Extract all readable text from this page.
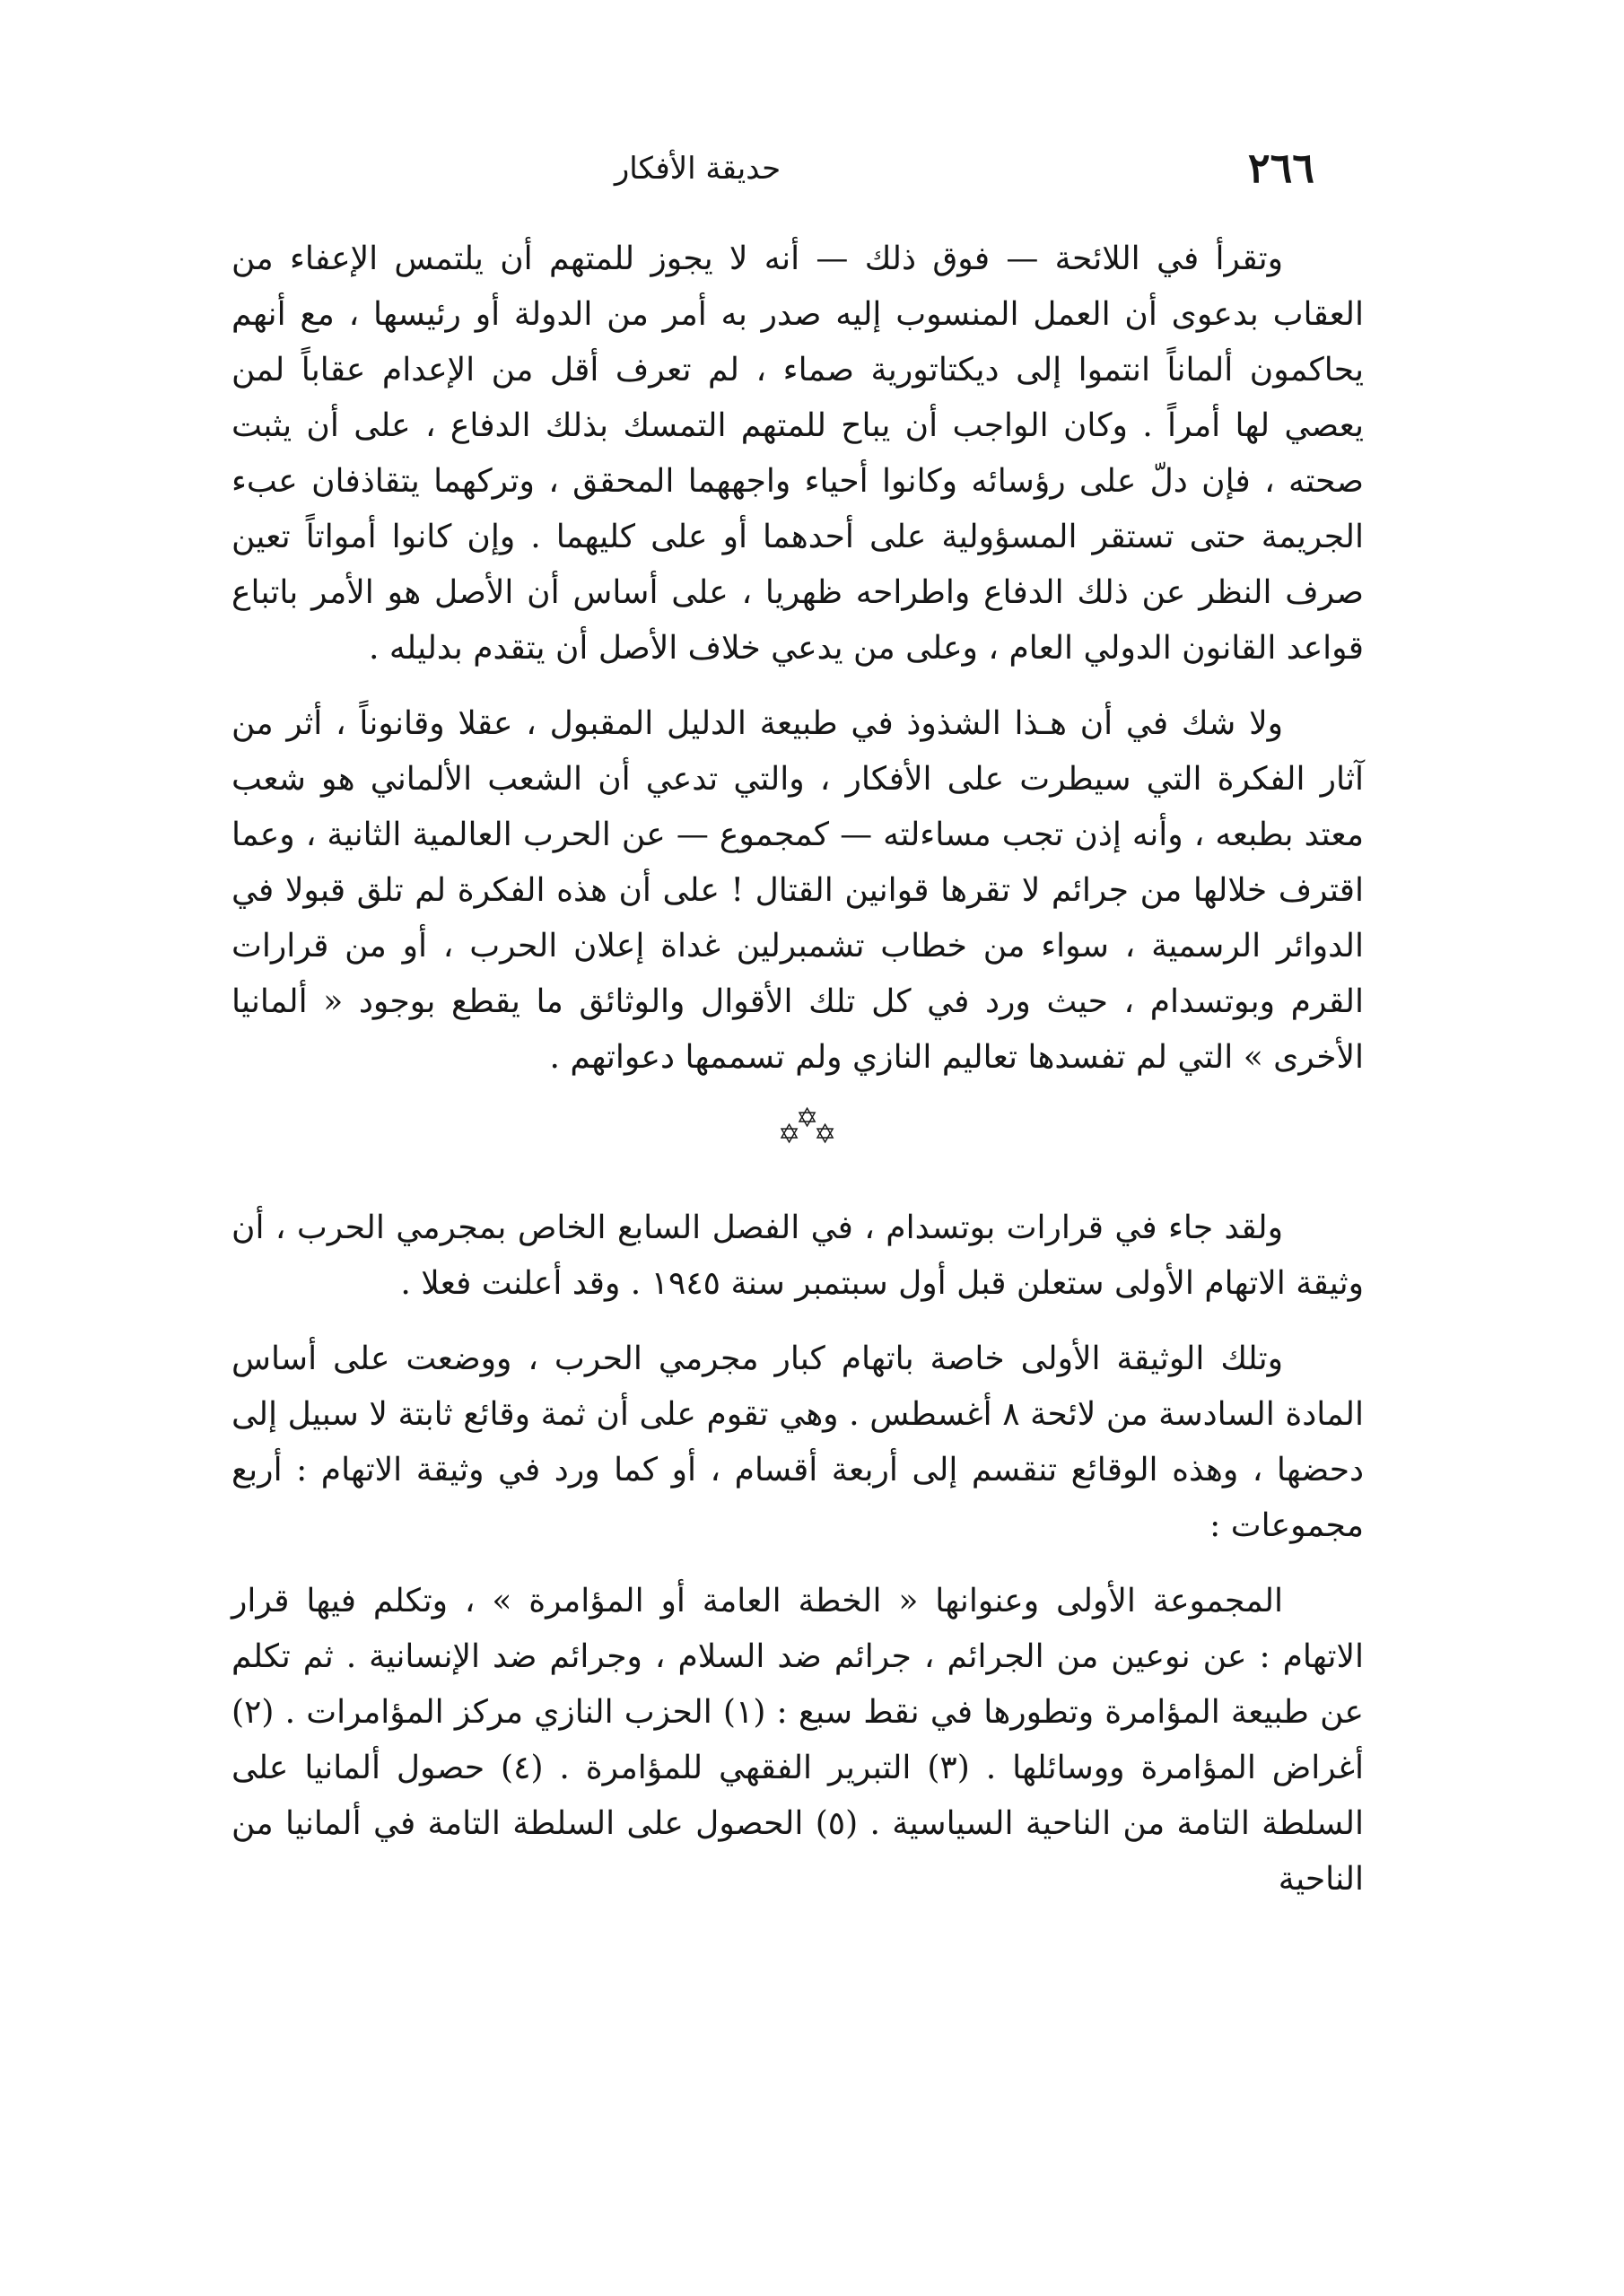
٢٦٦
حديقة الأفكار

وتقرأ في اللائحة — فوق ذلك — أنه لا يجوز للمتهم أن يلتمس الإعفاء من العقاب بدعوى أن العمل المنسوب إليه صدر به أمر من الدولة أو رئيسها ، مع أنهم يحاكمون ألماناً انتموا إلى ديكتاتورية صماء ، لم تعرف أقل من الإعدام عقاباً لمن يعصي لها أمراً . وكان الواجب أن يباح للمتهم التمسك بذلك الدفاع ، على أن يثبت صحته ، فإن دلّ على رؤسائه وكانوا أحياء واجههما المحقق ، وتركهما يتقاذفان عبء الجريمة حتى تستقر المسؤولية على أحدهما أو على كليهما . وإن كانوا أمواتاً تعين صرف النظر عن ذلك الدفاع واطراحه ظهريا ، على أساس أن الأصل هو الأمر باتباع قواعد القانون الدولي العام ، وعلى من يدعي خلاف الأصل أن يتقدم بدليله .

ولا شك في أن هـذا الشذوذ في طبيعة الدليل المقبول ، عقلا وقانوناً ، أثر من آثار الفكرة التي سيطرت على الأفكار ، والتي تدعي أن الشعب الألماني هو شعب معتد بطبعه ، وأنه إذن تجب مساءلته — كمجموع — عن الحرب العالمية الثانية ، وعما اقترف خلالها من جرائم لا تقرها قوانين القتال ! على أن هذه الفكرة لم تلق قبولا في الدوائر الرسمية ، سواء من خطاب تشمبرلين غداة إعلان الحرب ، أو من قرارات القرم وبوتسدام ، حيث ورد في كل تلك الأقوال والوثائق ما يقطع بوجود « ألمانيا الأخرى » التي لم تفسدها تعاليم النازي ولم تسممها دعواتهم .

✡
✡
✡

ولقد جاء في قرارات بوتسدام ، في الفصل السابع الخاص بمجرمي الحرب ، أن وثيقة الاتهام الأولى ستعلن قبل أول سبتمبر سنة ١٩٤٥ . وقد أعلنت فعلا .

وتلك الوثيقة الأولى خاصة باتهام كبار مجرمي الحرب ، ووضعت على أساس المادة السادسة من لائحة ٨ أغسطس . وهي تقوم على أن ثمة وقائع ثابتة لا سبيل إلى دحضها ، وهذه الوقائع تنقسم إلى أربعة أقسام ، أو كما ورد في وثيقة الاتهام : أربع مجموعات :

المجموعة الأولى وعنوانها « الخطة العامة أو المؤامرة » ، وتكلم فيها قرار الاتهام : عن نوعين من الجرائم ، جرائم ضد السلام ، وجرائم ضد الإنسانية . ثم تكلم عن طبيعة المؤامرة وتطورها في نقط سبع : (١) الحزب النازي مركز المؤامرات . (٢) أغراض المؤامرة ووسائلها . (٣) التبرير الفقهي للمؤامرة . (٤) حصول ألمانيا على السلطة التامة من الناحية السياسية . (٥) الحصول على السلطة التامة في ألمانيا من الناحية
